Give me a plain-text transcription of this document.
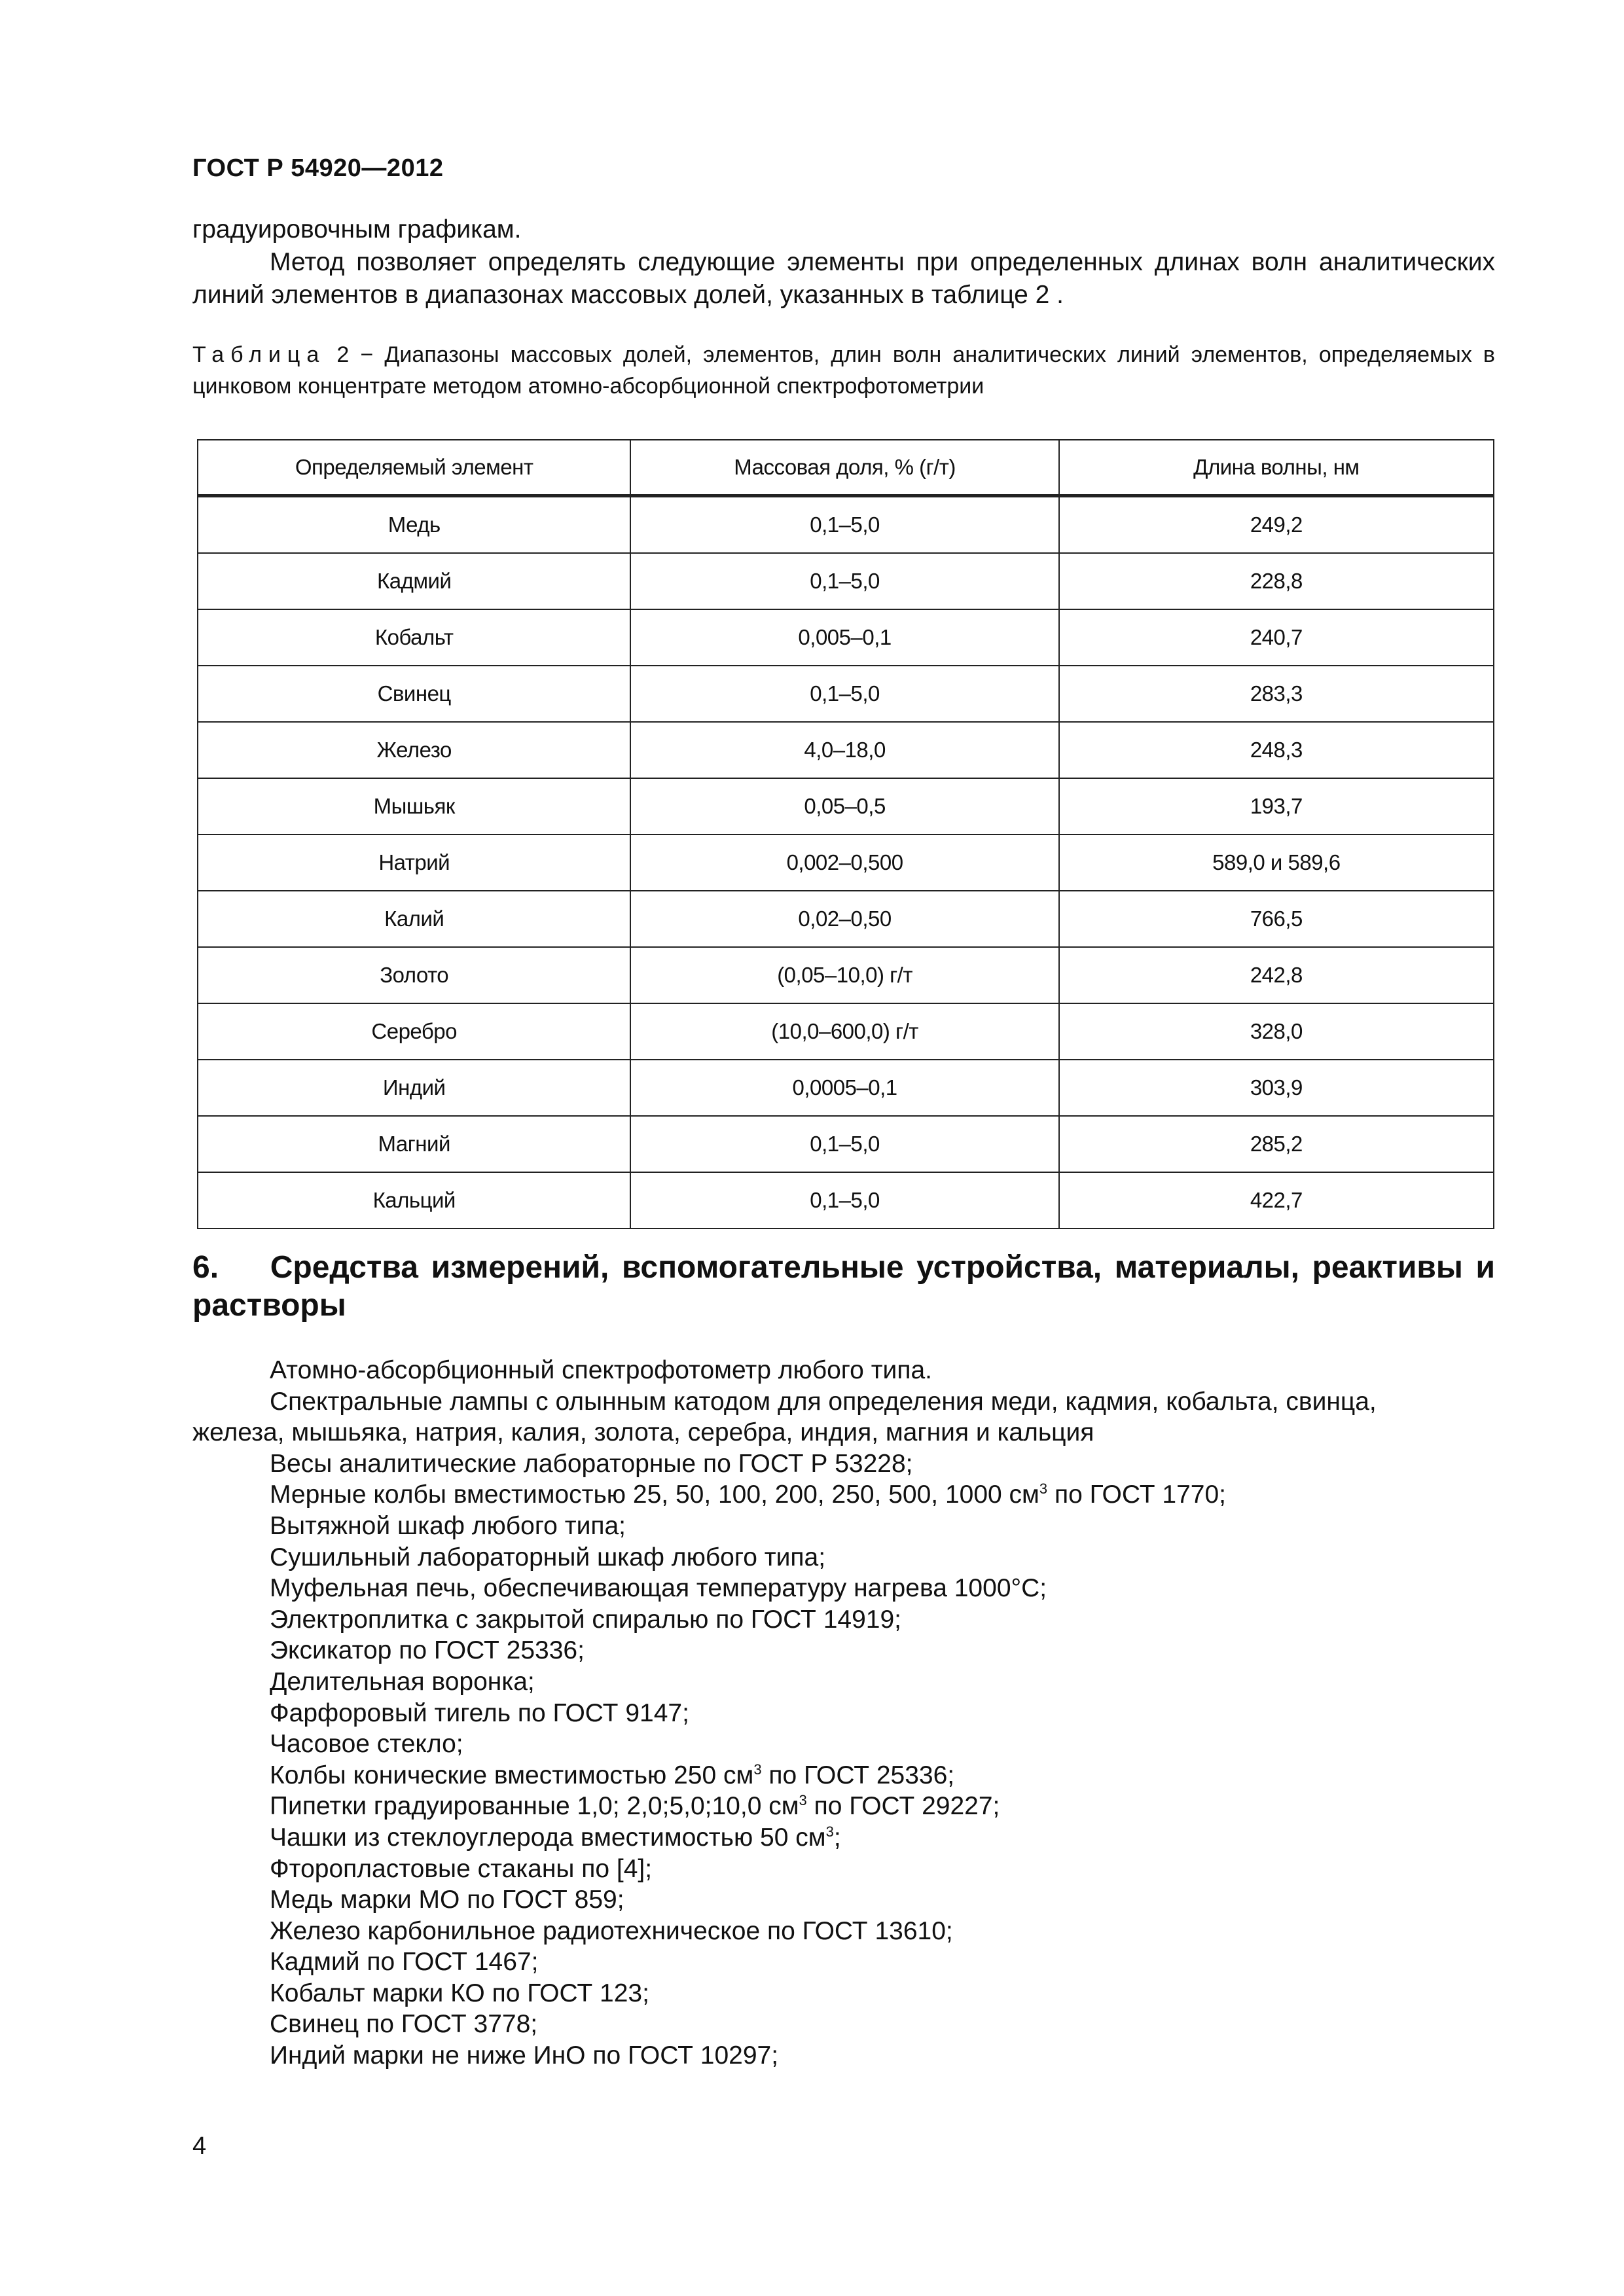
ГОСТ Р 54920—2012
градуировочным графикам.
Метод позволяет определять следующие элементы при определенных длинах волн аналитических линий элементов в диапазонах массовых долей, указанных в таблице 2 .
Таблица 2 − Диапазоны массовых долей, элементов, длин волн аналитических линий элементов, определяемых в цинковом концентрате методом атомно-абсорбционной спектрофотометрии
Определяемый элемент	Массовая доля, % (г/т)	Длина волны, нм
Медь	0,1–5,0	249,2
Кадмий	0,1–5,0	228,8
Кобальт	0,005–0,1	240,7
Свинец	0,1–5,0	283,3
Железо	4,0–18,0	248,3
Мышьяк	0,05–0,5	193,7
Натрий	0,002–0,500	589,0 и 589,6
Калий	0,02–0,50	766,5
Золото	(0,05–10,0) г/т	242,8
Серебро	(10,0–600,0) г/т	328,0
Индий	0,0005–0,1	303,9
Магний	0,1–5,0	285,2
Кальций	0,1–5,0	422,7
6. Средства измерений, вспомогательные устройства, материалы, реактивы и растворы
Атомно-абсорбционный спектрофотометр любого типа.
Спектральные лампы с олынным катодом для определения меди, кадмия, кобальта, свинца,
железа, мышьяка, натрия, калия, золота, серебра, индия, магния и кальция
Весы аналитические лабораторные по ГОСТ Р 53228;
Мерные колбы вместимостью 25, 50, 100, 200, 250, 500, 1000 $см^3$ по ГОСТ 1770;
Вытяжной шкаф любого типа;
Сушильный лабораторный шкаф любого типа;
Муфельная печь, обеспечивающая температуру нагрева 1000°С;
Электроплитка с закрытой спиралью по ГОСТ 14919;
Эксикатор по ГОСТ 25336;
Делительная воронка;
Фарфоровый тигель по ГОСТ 9147;
Часовое стекло;
Колбы конические вместимостью 250 $см^3$ по ГОСТ 25336;
Пипетки градуированные 1,0; 2,0;5,0;10,0 $см^3$ по ГОСТ 29227;
Чашки из стеклоуглерода вместимостью 50 $см^3$;
Фторопластовые стаканы по [4];
Медь марки МО по ГОСТ 859;
Железо карбонильное радиотехническое по ГОСТ 13610;
Кадмий по ГОСТ 1467;
Кобальт марки КО по ГОСТ 123;
Свинец по ГОСТ 3778;
Индий марки не ниже ИнО по ГОСТ 10297;
4
